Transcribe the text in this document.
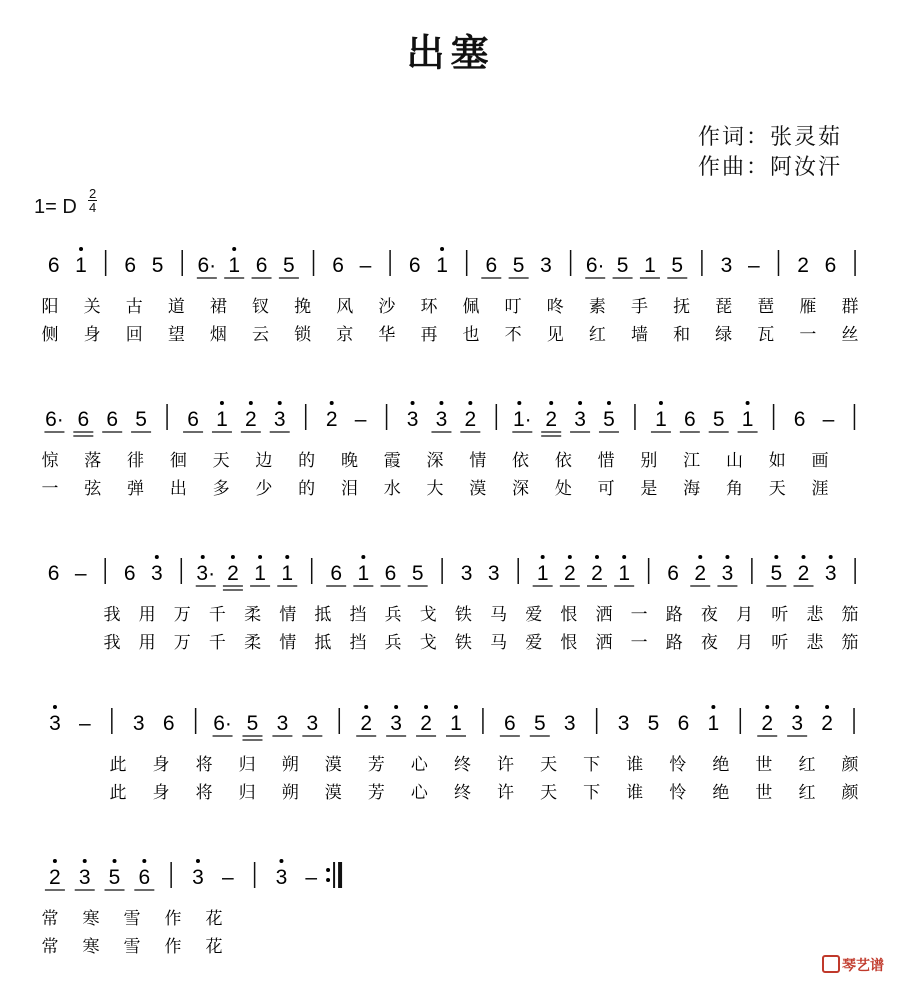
出塞
作词：张灵茹
作曲：阿汝汗
1= D
2
4
6 1 6 5 6· 1 6 5 6 – 6 1 6 5 3 6· 5 1 5 3 – 2 6
阳 关 古 道 裙 钗 挽 风 沙 环 佩 叮 咚 素 手 抚 琵 琶 雁 群
侧 身 回 望 烟 云 锁 京 华 再 也 不 见 红 墙 和 绿 瓦 一 丝
6· 6 6 5 6 1 2 3 2 – 3 3 2 1· 2 3 5 1 6 5 1 6 –
惊 落 徘 徊 天 边 的 晚 霞 深 情 依 依 惜 别 江 山 如 画
一 弦 弹 出 多 少 的 泪 水 大 漠 深 处 可 是 海 角 天 涯
6 – 6 3 3· 2 1 1 6 1 6 5 3 3 1 2 2 1 6 2 3 5 2 3
我 用 万 千 柔 情 抵 挡 兵 戈 铁 马 爱 恨 洒 一 路 夜 月 听 悲 笳
我 用 万 千 柔 情 抵 挡 兵 戈 铁 马 爱 恨 洒 一 路 夜 月 听 悲 笳
3 – 3 6 6· 5 3 3 2 3 2 1 6 5 3 3 5 6 1 2 3 2
此 身 将 归 朔 漠 芳 心 终 许 天 下 谁 怜 绝 世 红 颜
此 身 将 归 朔 漠 芳 心 终 许 天 下 谁 怜 绝 世 红 颜
2 3 5 6 3 – 3 –
常 寒 雪 作 花
常 寒 雪 作 花
琴艺谱
